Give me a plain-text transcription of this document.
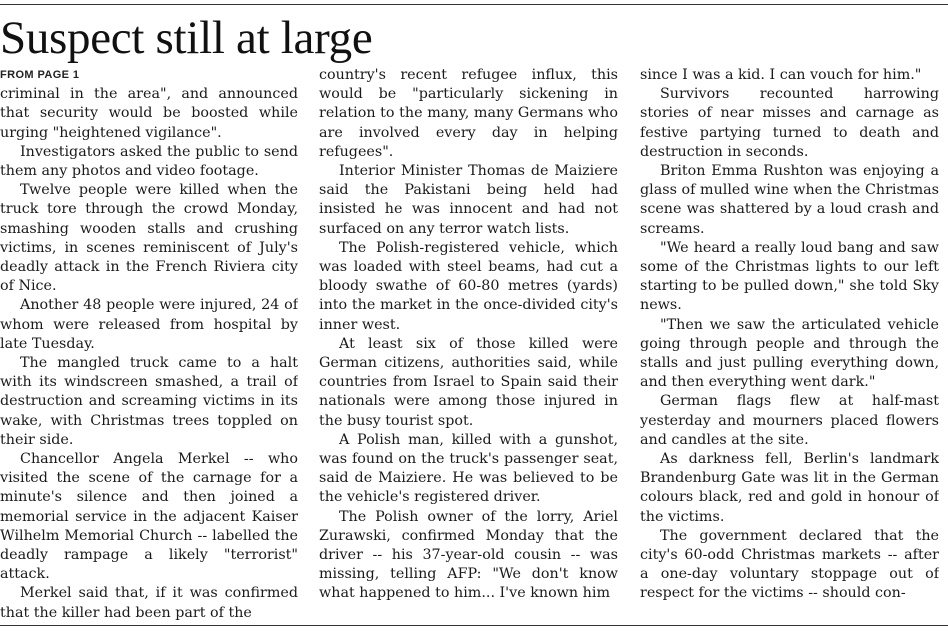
Suspect still at large

FROM PAGE 1

criminal in the area", and announced that security would be boosted while urging "heightened vigilance".

Investigators asked the public to send them any photos and video footage.

Twelve people were killed when the truck tore through the crowd Monday, smashing wooden stalls and crushing victims, in scenes reminiscent of July's deadly attack in the French Riviera city of Nice.

Another 48 people were injured, 24 of whom were released from hospital by late Tuesday.

The mangled truck came to a halt with its windscreen smashed, a trail of destruction and screaming victims in its wake, with Christmas trees toppled on their side.

Chancellor Angela Merkel -- who visited the scene of the carnage for a minute's silence and then joined a memorial service in the adjacent Kaiser Wilhelm Memorial Church -- labelled the deadly rampage a likely "terrorist" attack.

Merkel said that, if it was confirmed that the killer had been part of the

country's recent refugee influx, this would be "particularly sickening in relation to the many, many Germans who are involved every day in helping refugees".

Interior Minister Thomas de Maiziere said the Pakistani being held had insisted he was innocent and had not surfaced on any terror watch lists.

The Polish-registered vehicle, which was loaded with steel beams, had cut a bloody swathe of 60-80 metres (yards) into the market in the once-divided city's inner west.

At least six of those killed were German citizens, authorities said, while countries from Israel to Spain said their nationals were among those injured in the busy tourist spot.

A Polish man, killed with a gunshot, was found on the truck's passenger seat, said de Maiziere. He was believed to be the vehicle's registered driver.

The Polish owner of the lorry, Ariel Zurawski, confirmed Monday that the driver -- his 37-year-old cousin -- was missing, telling AFP: "We don't know what happened to him... I've known him

since I was a kid. I can vouch for him."

Survivors recounted harrowing stories of near misses and carnage as festive partying turned to death and destruction in seconds.

Briton Emma Rushton was enjoying a glass of mulled wine when the Christmas scene was shattered by a loud crash and screams.

"We heard a really loud bang and saw some of the Christmas lights to our left starting to be pulled down," she told Sky news.

"Then we saw the articulated vehicle going through people and through the stalls and just pulling everything down, and then everything went dark."

German flags flew at half-mast yesterday and mourners placed flowers and candles at the site.

As darkness fell, Berlin's landmark Brandenburg Gate was lit in the German colours black, red and gold in honour of the victims.

The government declared that the city's 60-odd Christmas markets -- after a one-day voluntary stoppage out of respect for the victims -- should con-
